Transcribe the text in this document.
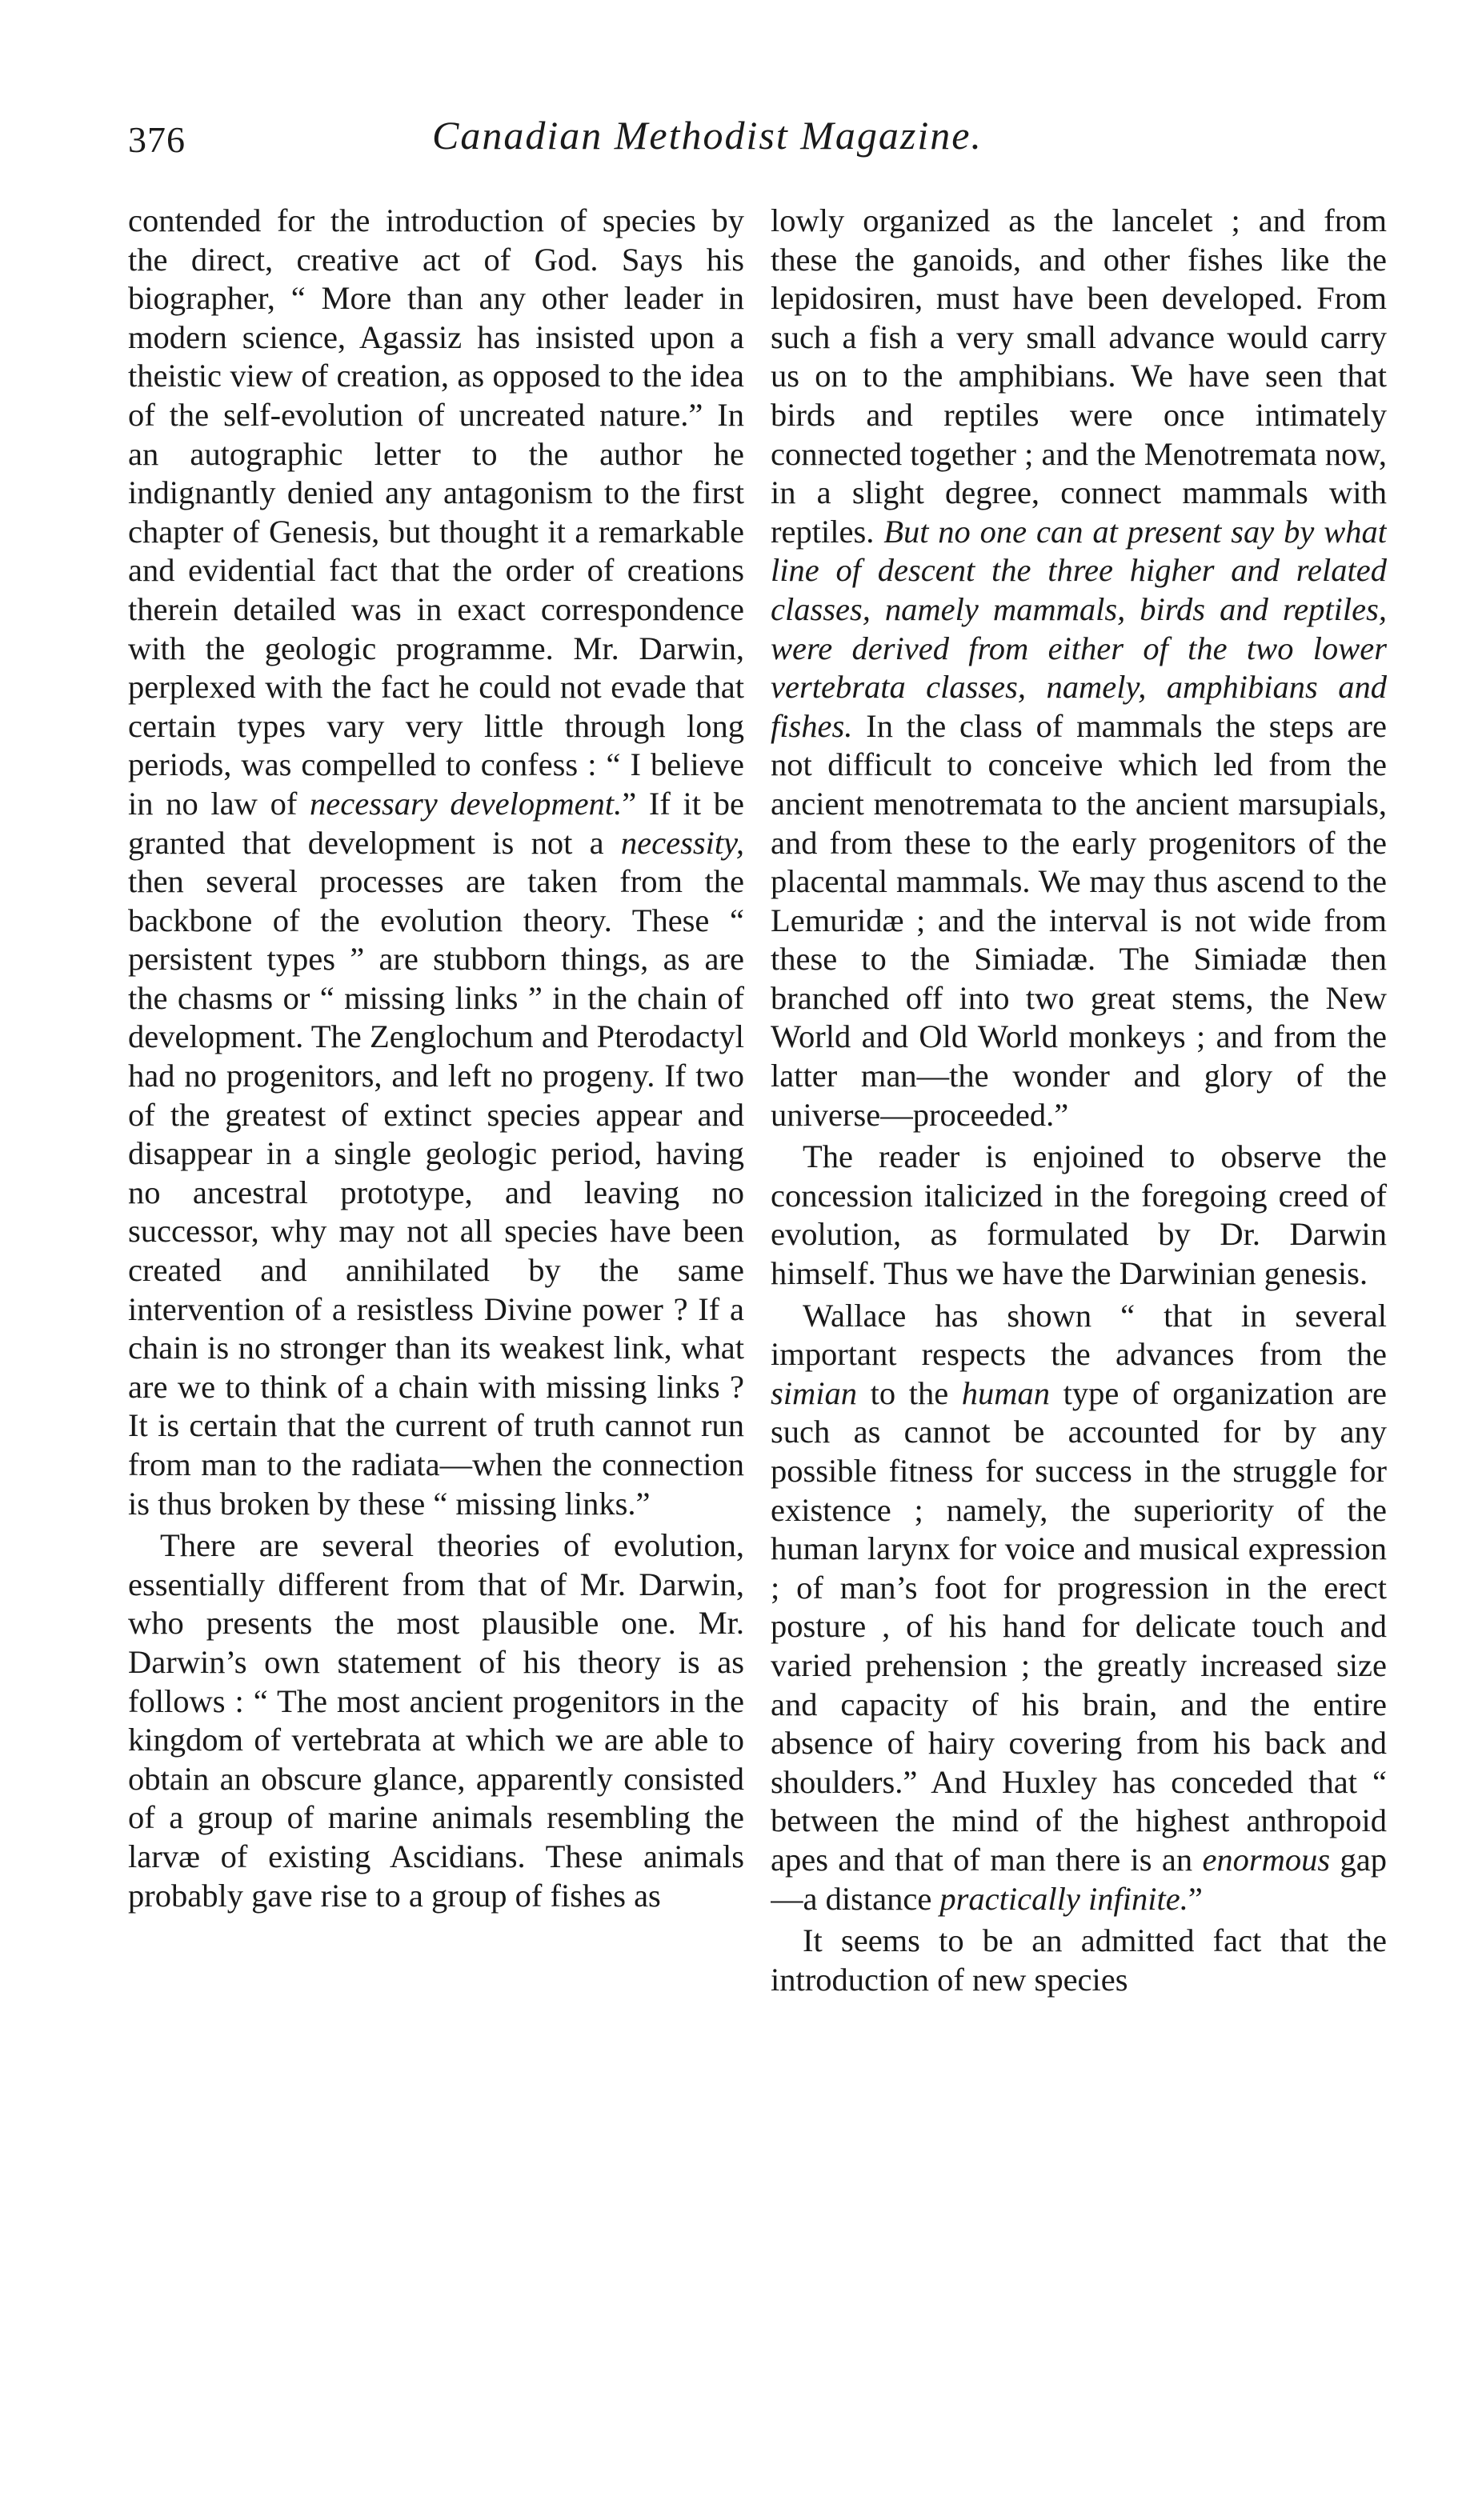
376	Canadian Methodist Magazine.

contended for the introduction of species by the direct, creative act of God. Says his biographer, “ More than any other leader in modern science, Agassiz has insisted upon a theistic view of creation, as opposed to the idea of the self-evolution of uncreated nature.” In an autographic letter to the author he indignantly denied any antagonism to the first chapter of Genesis, but thought it a remarkable and evidential fact that the order of creations therein detailed was in exact correspondence with the geologic programme. Mr. Darwin, perplexed with the fact he could not evade that certain types vary very little through long periods, was compelled to confess : “ I believe in no law of necessary development.” If it be granted that development is not a necessity, then several processes are taken from the backbone of the evolution theory. These “ persistent types ” are stubborn things, as are the chasms or “ missing links ” in the chain of development. The Zenglochum and Pterodactyl had no progenitors, and left no progeny. If two of the greatest of extinct species appear and disappear in a single geologic period, having no ancestral prototype, and leaving no successor, why may not all species have been created and annihilated by the same intervention of a resistless Divine power ? If a chain is no stronger than its weakest link, what are we to think of a chain with missing links ? It is certain that the current of truth cannot run from man to the radiata—when the connection is thus broken by these “ missing links.”

There are several theories of evolution, essentially different from that of Mr. Darwin, who presents the most plausible one. Mr. Darwin’s own statement of his theory is as follows : “ The most ancient progenitors in the kingdom of vertebrata at which we are able to obtain an obscure glance, apparently consisted of a group of marine animals resembling the larvæ of existing Ascidians. These animals probably gave rise to a group of fishes as

lowly organized as the lancelet ; and from these the ganoids, and other fishes like the lepidosiren, must have been developed. From such a fish a very small advance would carry us on to the amphibians. We have seen that birds and reptiles were once intimately connected together ; and the Menotremata now, in a slight degree, connect mammals with reptiles. But no one can at present say by what line of descent the three higher and related classes, namely mammals, birds and reptiles, were derived from either of the two lower vertebrata classes, namely, amphibians and fishes. In the class of mammals the steps are not difficult to conceive which led from the ancient menotremata to the ancient marsupials, and from these to the early progenitors of the placental mammals. We may thus ascend to the Lemuridæ ; and the interval is not wide from these to the Simiadæ. The Simiadæ then branched off into two great stems, the New World and Old World monkeys ; and from the latter man—the wonder and glory of the universe—proceeded.”

The reader is enjoined to observe the concession italicized in the foregoing creed of evolution, as formulated by Dr. Darwin himself. Thus we have the Darwinian genesis.

Wallace has shown “ that in several important respects the advances from the simian to the human type of organization are such as cannot be accounted for by any possible fitness for success in the struggle for existence ; namely, the superiority of the human larynx for voice and musical expression ; of man’s foot for progression in the erect posture , of his hand for delicate touch and varied prehension ; the greatly increased size and capacity of his brain, and the entire absence of hairy covering from his back and shoulders.” And Huxley has conceded that “ between the mind of the highest anthropoid apes and that of man there is an enormous gap—a distance practically infinite.”

It seems to be an admitted fact that the introduction of new species
